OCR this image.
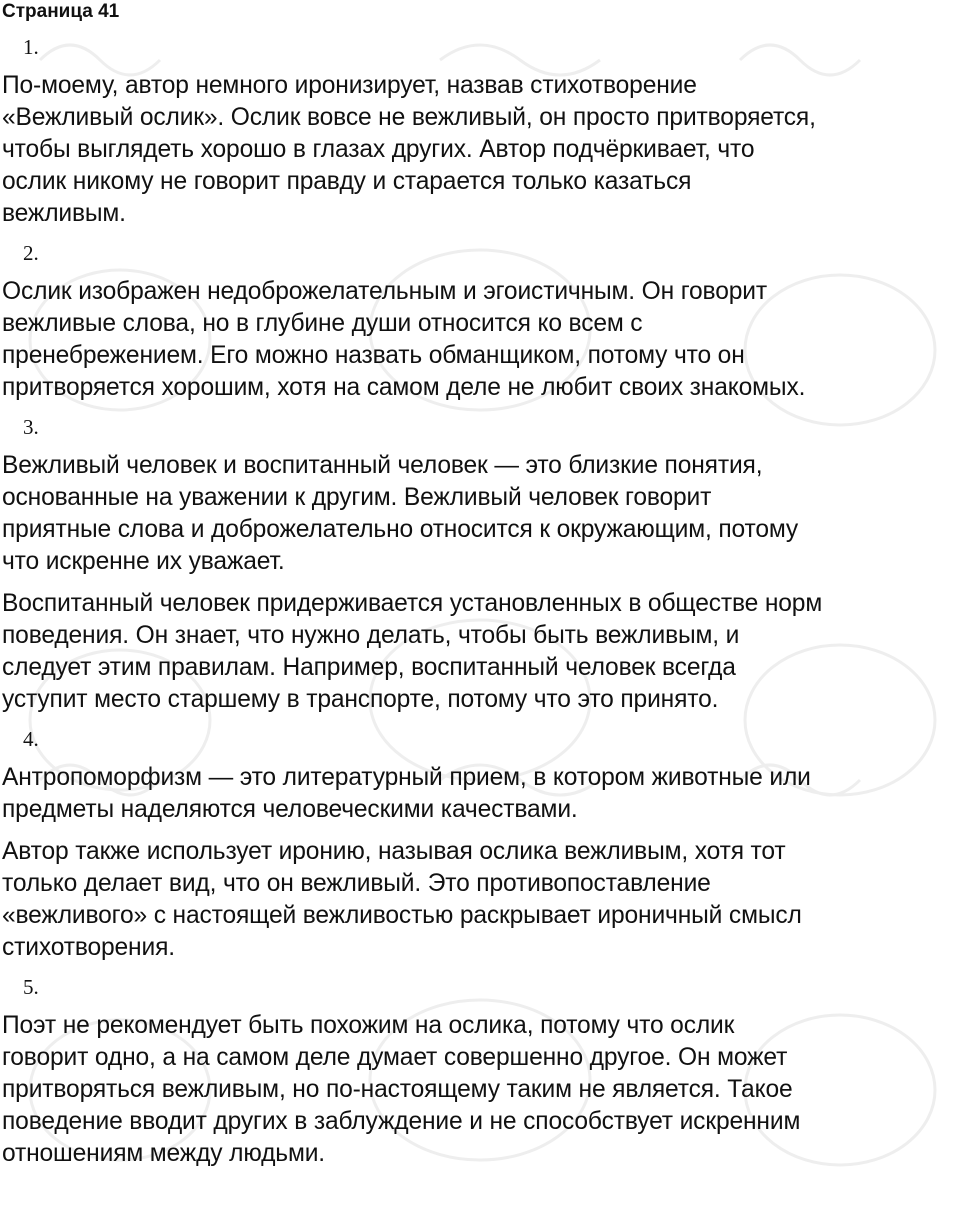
Страница 41
1.
По-моему, автор немного иронизирует, назвав стихотворение
«Вежливый ослик». Ослик вовсе не вежливый, он просто притворяется,
чтобы выглядеть хорошо в глазах других. Автор подчёркивает, что
ослик никому не говорит правду и старается только казаться
вежливым.
2.
Ослик изображен недоброжелательным и эгоистичным. Он говорит
вежливые слова, но в глубине души относится ко всем с
пренебрежением. Его можно назвать обманщиком, потому что он
притворяется хорошим, хотя на самом деле не любит своих знакомых.
3.
Вежливый человек и воспитанный человек — это близкие понятия,
основанные на уважении к другим. Вежливый человек говорит
приятные слова и доброжелательно относится к окружающим, потому
что искренне их уважает.
Воспитанный человек придерживается установленных в обществе норм
поведения. Он знает, что нужно делать, чтобы быть вежливым, и
следует этим правилам. Например, воспитанный человек всегда
уступит место старшему в транспорте, потому что это принято.
4.
Антропоморфизм — это литературный прием, в котором животные или
предметы наделяются человеческими качествами.
Автор также использует иронию, называя ослика вежливым, хотя тот
только делает вид, что он вежливый. Это противопоставление
«вежливого» с настоящей вежливостью раскрывает ироничный смысл
стихотворения.
5.
Поэт не рекомендует быть похожим на ослика, потому что ослик
говорит одно, а на самом деле думает совершенно другое. Он может
притворяться вежливым, но по-настоящему таким не является. Такое
поведение вводит других в заблуждение и не способствует искренним
отношениям между людьми.
